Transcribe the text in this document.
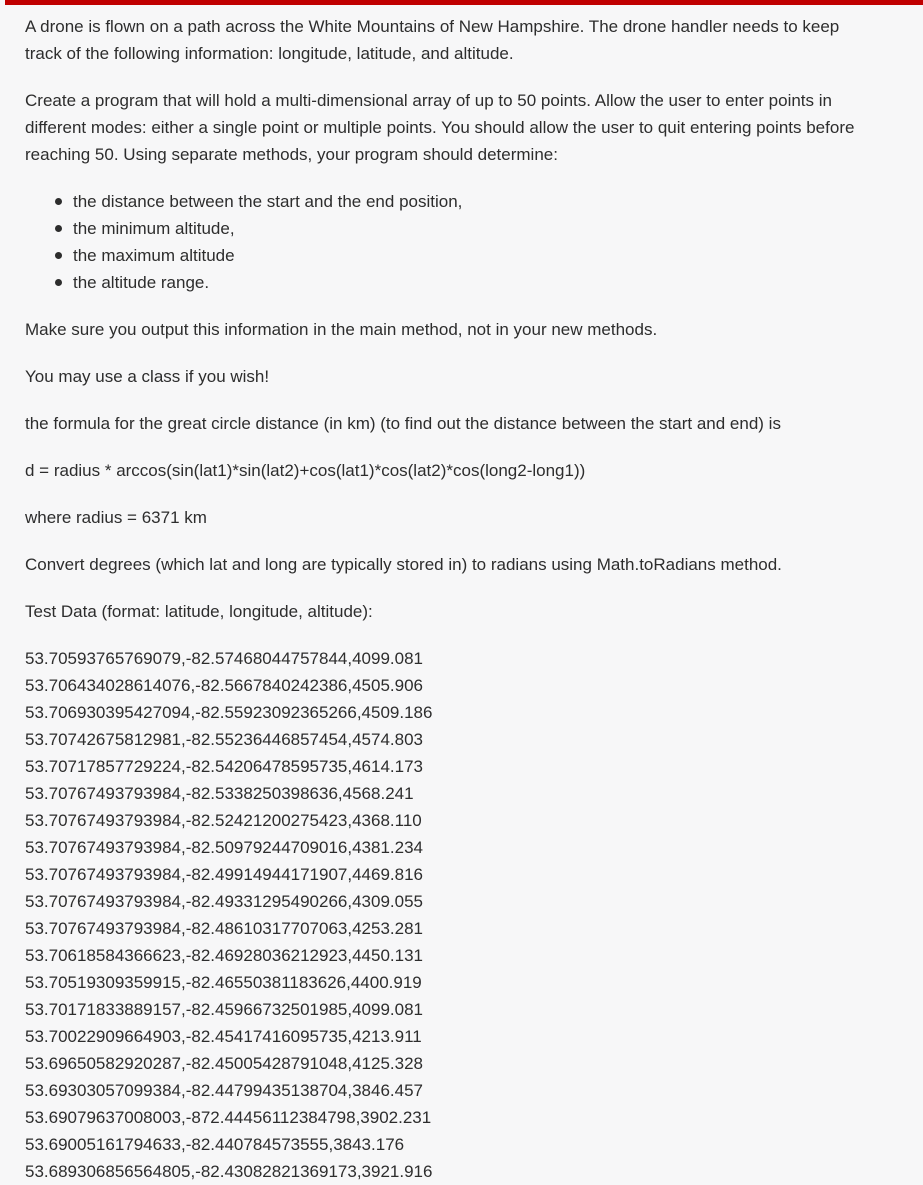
A drone is flown on a path across the White Mountains of New Hampshire. The drone handler needs to keep
track of the following information: longitude, latitude, and altitude.

Create a program that will hold a multi-dimensional array of up to 50 points. Allow the user to enter points in
different modes: either a single point or multiple points. You should allow the user to quit entering points before
reaching 50. Using separate methods, your program should determine:

the distance between the start and the end position,
the minimum altitude,
the maximum altitude
the altitude range.

Make sure you output this information in the main method, not in your new methods.

You may use a class if you wish!

the formula for the great circle distance (in km) (to find out the distance between the start and end) is

d = radius * arccos(sin(lat1)*sin(lat2)+cos(lat1)*cos(lat2)*cos(long2-long1))

where radius = 6371 km

Convert degrees (which lat and long are typically stored in) to radians using Math.toRadians method.

Test Data (format: latitude, longitude, altitude):

53.70593765769079,-82.57468044757844,4099.081
53.706434028614076,-82.5667840242386,4505.906
53.706930395427094,-82.55923092365266,4509.186
53.70742675812981,-82.55236446857454,4574.803
53.70717857729224,-82.54206478595735,4614.173
53.70767493793984,-82.5338250398636,4568.241
53.70767493793984,-82.52421200275423,4368.110
53.70767493793984,-82.50979244709016,4381.234
53.70767493793984,-82.49914944171907,4469.816
53.70767493793984,-82.49331295490266,4309.055
53.70767493793984,-82.48610317707063,4253.281
53.70618584366623,-82.46928036212923,4450.131
53.70519309359915,-82.46550381183626,4400.919
53.70171833889157,-82.45966732501985,4099.081
53.70022909664903,-82.45417416095735,4213.911
53.69650582920287,-82.45005428791048,4125.328
53.69303057099384,-82.44799435138704,3846.457
53.69079637008003,-872.44456112384798,3902.231
53.69005161794633,-82.440784573555,3843.176
53.689306856564805,-82.43082821369173,3921.916
